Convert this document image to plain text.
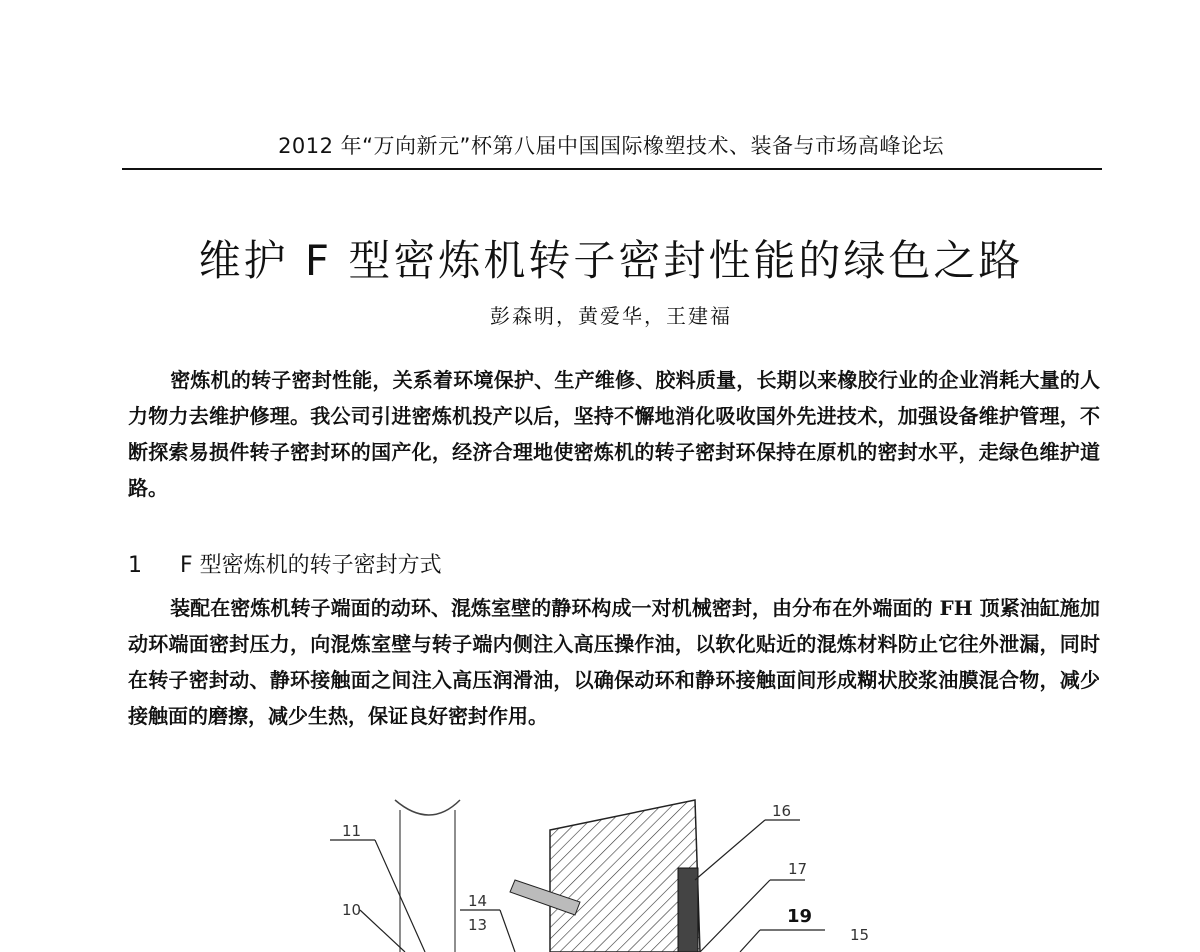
2012 年“万向新元”杯第八届中国国际橡塑技术、装备与市场高峰论坛
维护 F 型密炼机转子密封性能的绿色之路
彭森明，黄爱华，王建福

密炼机的转子密封性能，关系着环境保护、生产维修、胶料质量，长期以来橡胶行业的企业消耗大量的人力物力去维护修理。我公司引进密炼机投产以后，坚持不懈地消化吸收国外先进技术，加强设备维护管理，不断探索易损件转子密封环的国产化，经济合理地使密炼机的转子密封环保持在原机的密封水平，走绿色维护道路。

1 F 型密炼机的转子密封方式

装配在密炼机转子端面的动环、混炼室壁的静环构成一对机械密封，由分布在外端面的 FH 顶紧油缸施加动环端面密封压力，向混炼室壁与转子端内侧注入高压操作油，以软化贴近的混炼材料防止它往外泄漏，同时在转子密封动、静环接触面之间注入高压润滑油，以确保动环和静环接触面间形成糊状胶浆油膜混合物，减少接触面的磨擦，减少生热，保证良好密封作用。

11
10	14
13
16
17
15
19
